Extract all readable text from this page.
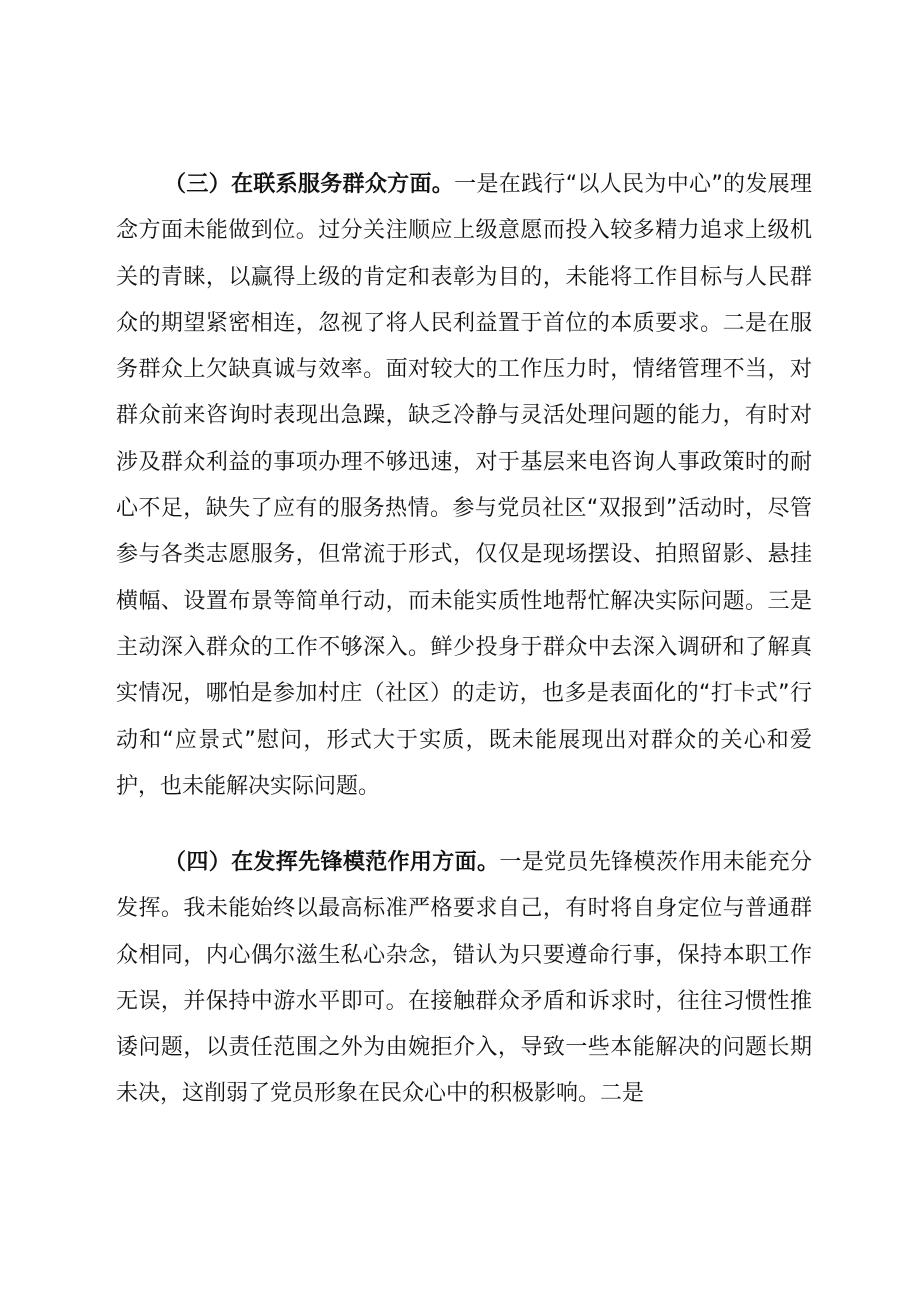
（三）在联系服务群众方面。一是在践行“以人民为中心”的发展理念方面未能做到位。过分关注顺应上级意愿而投入较多精力追求上级机关的青睐，以赢得上级的肯定和表彰为目的，未能将工作目标与人民群众的期望紧密相连，忽视了将人民利益置于首位的本质要求。二是在服务群众上欠缺真诚与效率。面对较大的工作压力时，情绪管理不当，对群众前来咨询时表现出急躁，缺乏冷静与灵活处理问题的能力，有时对涉及群众利益的事项办理不够迅速，对于基层来电咨询人事政策时的耐心不足，缺失了应有的服务热情。参与党员社区“双报到”活动时，尽管参与各类志愿服务，但常流于形式，仅仅是现场摆设、拍照留影、悬挂横幅、设置布景等简单行动，而未能实质性地帮忙解决实际问题。三是主动深入群众的工作不够深入。鲜少投身于群众中去深入调研和了解真实情况，哪怕是参加村庄（社区）的走访，也多是表面化的“打卡式”行动和“应景式”慰问，形式大于实质，既未能展现出对群众的关心和爱护，也未能解决实际问题。

（四）在发挥先锋模范作用方面。一是党员先锋模茨作用未能充分发挥。我未能始终以最高标准严格要求自己，有时将自身定位与普通群众相同，内心偶尔滋生私心杂念，错认为只要遵命行事，保持本职工作无误，并保持中游水平即可。在接触群众矛盾和诉求时，往往习惯性推诿问题，以责任范围之外为由婉拒介入，导致一些本能解决的问题长期未决，这削弱了党员形象在民众心中的积极影响。二是
